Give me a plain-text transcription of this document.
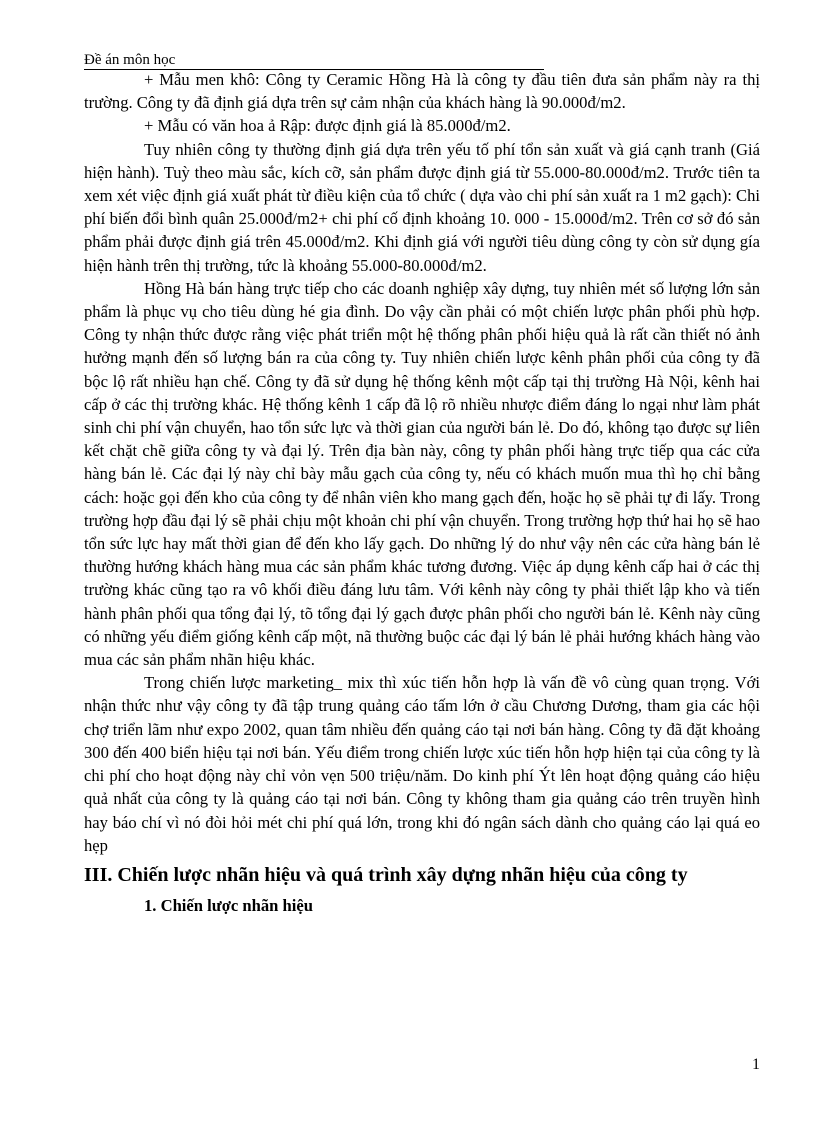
Đề án môn học

+ Mẫu men khô: Công ty Ceramic Hồng Hà là công ty đầu tiên đưa sản phẩm này ra thị trường. Công ty đã định giá dựa trên sự cảm nhận của khách hàng là 90.000đ/m2.

+ Mẫu có văn hoa ả Rập: được định giá là 85.000đ/m2.

Tuy nhiên công ty thường định giá dựa trên yếu tố phí tổn sản xuất và giá cạnh tranh (Giá hiện hành). Tuỳ theo màu sắc, kích cỡ, sản phẩm được định giá từ 55.000-80.000đ/m2. Trước tiên ta xem xét việc định giá xuất phát từ điều kiện của tổ chức ( dựa vào chi phí sản xuất ra 1 m2 gạch): Chi phí biến đổi bình quân 25.000đ/m2+ chi phí cố định khoảng 10. 000 - 15.000đ/m2. Trên cơ sở đó sản phẩm phải được định giá trên 45.000đ/m2. Khi định giá với người tiêu dùng công ty còn sử dụng gía hiện hành trên thị trường, tức là khoảng 55.000-80.000đ/m2.

Hồng Hà bán hàng trực tiếp cho các doanh nghiệp xây dựng, tuy nhiên mét số lượng lớn sản phẩm là phục vụ cho tiêu dùng hé gia đình. Do vậy cần phải có một chiến lược phân phối phù hợp. Công ty nhận thức được rằng việc phát triển một hệ thống phân phối hiệu quả là rất cần thiết nó ảnh hưởng mạnh đến số lượng bán ra của công ty. Tuy nhiên chiến lược kênh phân phối của công ty đã bộc lộ rất nhiều hạn chế. Công ty đã sử dụng hệ thống kênh một cấp tại thị trường Hà Nội, kênh hai cấp ở các thị trường khác. Hệ thống kênh 1 cấp đã lộ rõ nhiều nhược điểm đáng lo ngại như làm phát sinh chi phí vận chuyển, hao tổn sức lực và thời gian của người bán lẻ. Do đó, không tạo được sự liên kết chặt chẽ giữa công ty và đại lý. Trên địa bàn này, công ty phân phối hàng trực tiếp qua các cửa hàng bán lẻ. Các đại lý này chỉ bày mẫu gạch của công ty, nếu có khách muốn mua thì họ chỉ bằng cách: hoặc gọi đến kho của công ty để nhân viên kho mang gạch đến, hoặc họ sẽ phải tự đi lấy. Trong trường hợp đầu đại lý sẽ phải chịu một khoản chi phí vận chuyển. Trong trường hợp thứ hai họ sẽ hao tổn sức lực hay mất thời gian để đến kho lấy gạch. Do những lý do như vậy nên các cửa hàng bán lẻ thường hướng khách hàng mua các sản phẩm khác tương đương. Việc áp dụng kênh cấp hai ở các thị trường khác cũng tạo ra vô khối điều đáng lưu tâm. Với kênh này công ty phải thiết lập kho và tiến hành phân phối qua tổng đại lý, tõ tổng đại lý gạch được phân phối cho người bán lẻ. Kênh này cũng có những yếu điểm giống kênh cấp một, nã thường buộc các đại lý bán lẻ phải hướng khách hàng vào mua các sản phẩm nhãn hiệu khác.

Trong chiến lược marketing_ mix thì xúc tiến hỗn hợp là vấn đề vô cùng quan trọng. Với nhận thức như vậy công ty đã tập trung quảng cáo tấm lớn ở cầu Chương Dương, tham gia các hội chợ triển lãm như expo 2002, quan tâm nhiều đến quảng cáo tại nơi bán hàng. Công ty đã đặt khoảng 300 đến 400 biển hiệu tại nơi bán. Yếu điểm trong chiến lược xúc tiến hỗn hợp hiện tại của công ty là chi phí cho hoạt động này chỉ vỏn vẹn 500 triệu/năm. Do kinh phí Ýt lên hoạt động quảng cáo hiệu quả nhất của công ty là quảng cáo tại nơi bán. Công ty không tham gia quảng cáo trên truyền hình hay báo chí vì nó đòi hỏi mét chi phí quá lớn, trong khi đó ngân sách dành cho quảng cáo lại quá eo hẹp

III. Chiến lược nhãn hiệu và quá trình xây dựng nhãn hiệu của công ty
1. Chiến lược nhãn hiệu
1
